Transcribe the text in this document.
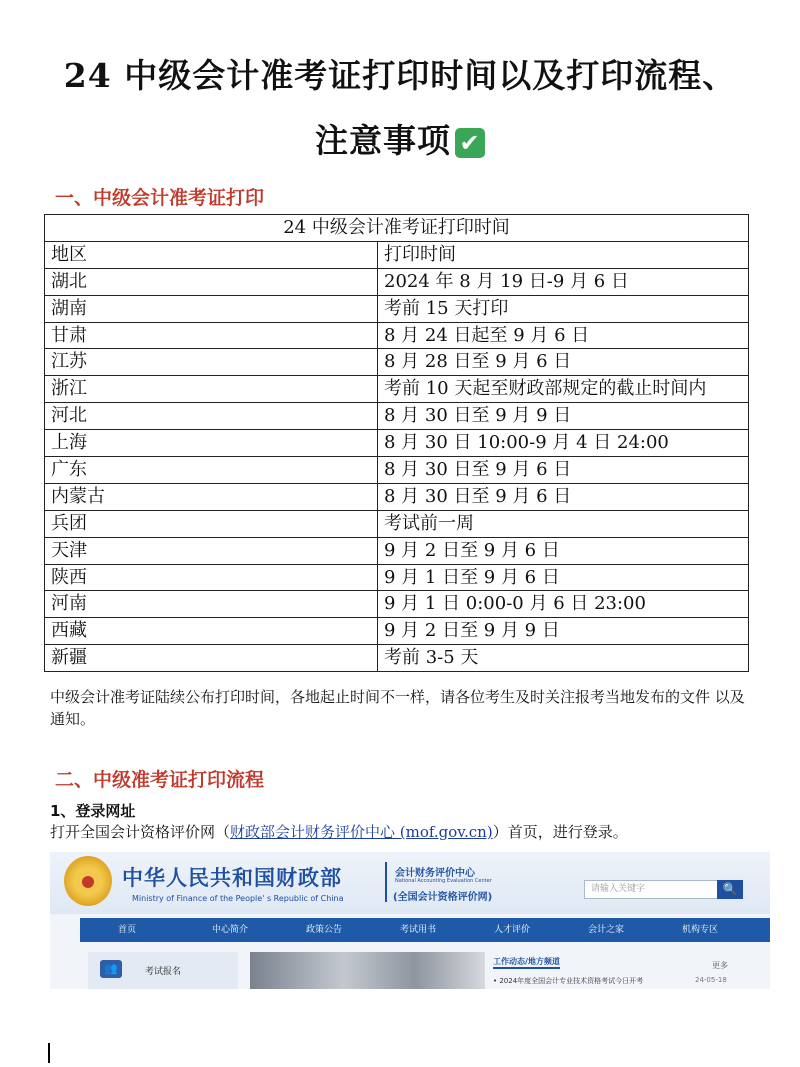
24 中级会计准考证打印时间以及打印流程、
注意事项 ✔
一、中级会计准考证打印
24 中级会计准考证打印时间	
地区	打印时间
湖北	2024 年 8 月 19 日-9 月 6 日
湖南	考前 15 天打印
甘肃	8 月 24 日起至 9 月 6 日
江苏	8 月 28 日至 9 月 6 日
浙江	考前 10 天起至财政部规定的截止时间内
河北	8 月 30 日至 9 月 9 日
上海	8 月 30 日 10:00-9 月 4 日 24:00
广东	8 月 30 日至 9 月 6 日
内蒙古	8 月 30 日至 9 月 6 日
兵团	考试前一周
天津	9 月 2 日至 9 月 6 日
陕西	9 月 1 日至 9 月 6 日
河南	9 月 1 日 0:00-0 月 6 日 23:00
西藏	9 月 2 日至 9 月 9 日
新疆	考前 3-5 天
中级会计准考证陆续公布打印时间，各地起止时间不一样，请各位考生及时关注报考当地发布的文件 以及通知。
二、中级准考证打印流程
1、登录网址
打开全国会计资格评价网（财政部会计财务评价中心 (mof.gov.cn)）首页，进行登录。
中华人民共和国财政部
Ministry of Finance of the People' s Republic of China
会计财务评价中心
National Accounting Evaluation Center
(全国会计资格评价网)
请输入关键字	🔍
首页	中心简介	政策公告	考试用书	人才评价	会计之家	机构专区
👥	考试报名
工作动态/地方频道	更多
• 2024年度全国会计专业技术资格考试今日开考	24-05-18
